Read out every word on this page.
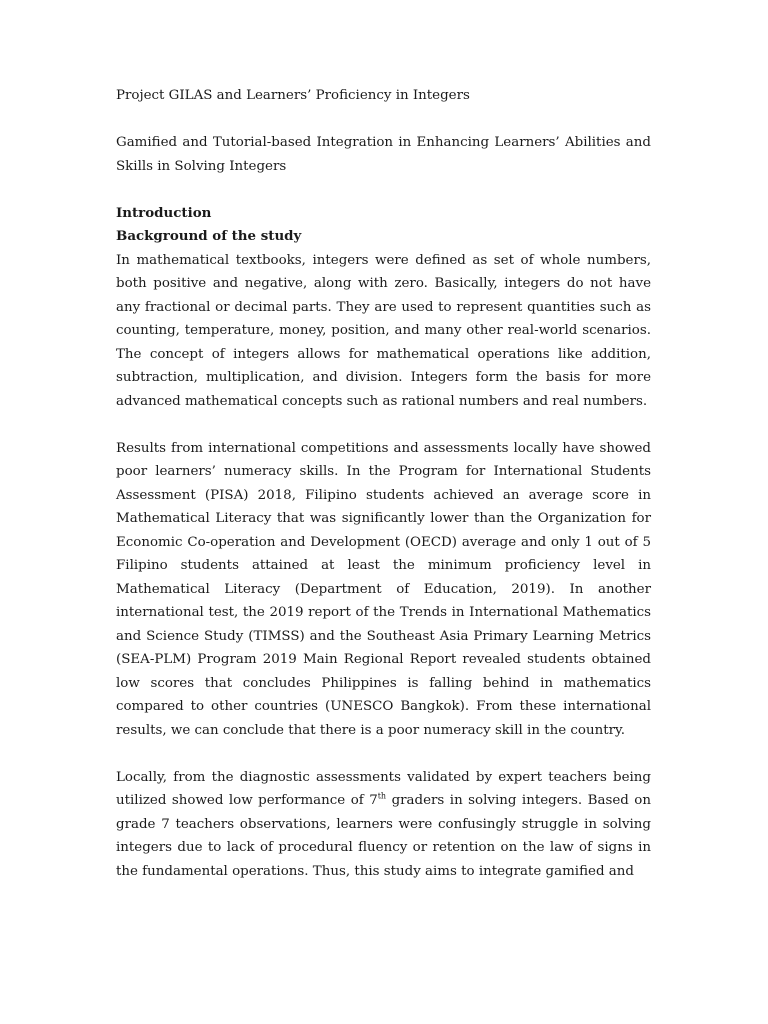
Project GILAS and Learners’ Proficiency in Integers

Gamified and Tutorial-based Integration in Enhancing Learners’ Abilities and Skills in Solving Integers

Introduction

Background of the study

In mathematical textbooks, integers were defined as set of whole numbers, both positive and negative, along with zero. Basically, integers do not have any fractional or decimal parts. They are used to represent quantities such as counting, temperature, money, position, and many other real-world scenarios. The concept of integers allows for mathematical operations like addition, subtraction, multiplication, and division. Integers form the basis for more advanced mathematical concepts such as rational numbers and real numbers.

Results from international competitions and assessments locally have showed poor learners’ numeracy skills. In the Program for International Students Assessment (PISA) 2018, Filipino students achieved an average score in Mathematical Literacy that was significantly lower than the Organization for Economic Co-operation and Development (OECD) average and only 1 out of 5 Filipino students attained at least the minimum proficiency level in Mathematical Literacy (Department of Education, 2019). In another international test, the 2019 report of the Trends in International Mathematics and Science Study (TIMSS) and the Southeast Asia Primary Learning Metrics (SEA-PLM) Program 2019 Main Regional Report revealed students obtained low scores that concludes Philippines is falling behind in mathematics compared to other countries (UNESCO Bangkok). From these international results, we can conclude that there is a poor numeracy skill in the country.

Locally, from the diagnostic assessments validated by expert teachers being utilized showed low performance of 7th graders in solving integers. Based on grade 7 teachers observations, learners were confusingly struggle in solving integers due to lack of procedural fluency or retention on the law of signs in the fundamental operations. Thus, this study aims to integrate gamified and
